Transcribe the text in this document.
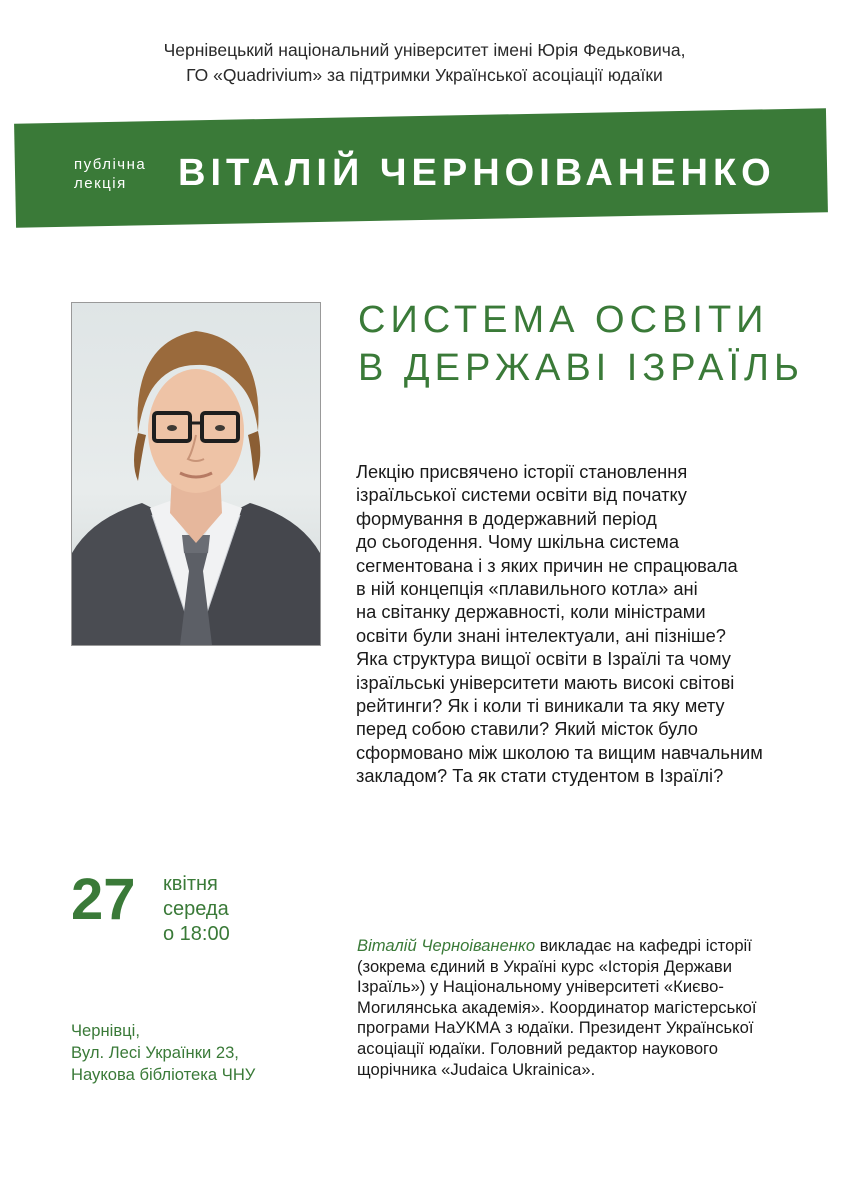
Чернівецький національний університет імені Юрія Федьковича,
ГО «Quadrivium» за підтримки Української асоціації юдаїки
публічна
лекція	ВІТАЛІЙ ЧЕРНОІВАНЕНКО
СИСТЕМА ОСВІТИ
В ДЕРЖАВІ ІЗРАЇЛЬ
Лекцію присвячено історії становлення
ізраїльської системи освіти від початку
формування в додержавний період
до сьогодення. Чому шкільна система
сегментована і з яких причин не спрацювала
в ній концепція «плавильного котла» ані
на світанку державності, коли міністрами
освіти були знані інтелектуали, ані пізніше?
Яка структура вищої освіти в Ізраїлі та чому
ізраїльські університети мають високі світові
рейтинги? Як і коли ті виникали та яку мету
перед собою ставили? Який місток було
сформовано між школою та вищим навчальним
закладом? Та як стати студентом в Ізраїлі?
27 квітня
середа
о 18:00
Віталій Черноіваненко викладає на кафедрі історії
(зокрема єдиний в Україні курс «Історія Держави
Ізраїль») у Національному університеті «Києво-
Могилянська академія». Координатор магістерської
програми НаУКМА з юдаїки. Президент Української
асоціації юдаїки. Головний редактор наукового
щорічника «Judaica Ukrainica».
Чернівці,
Вул. Лесі Українки 23,
Наукова бібліотека ЧНУ
